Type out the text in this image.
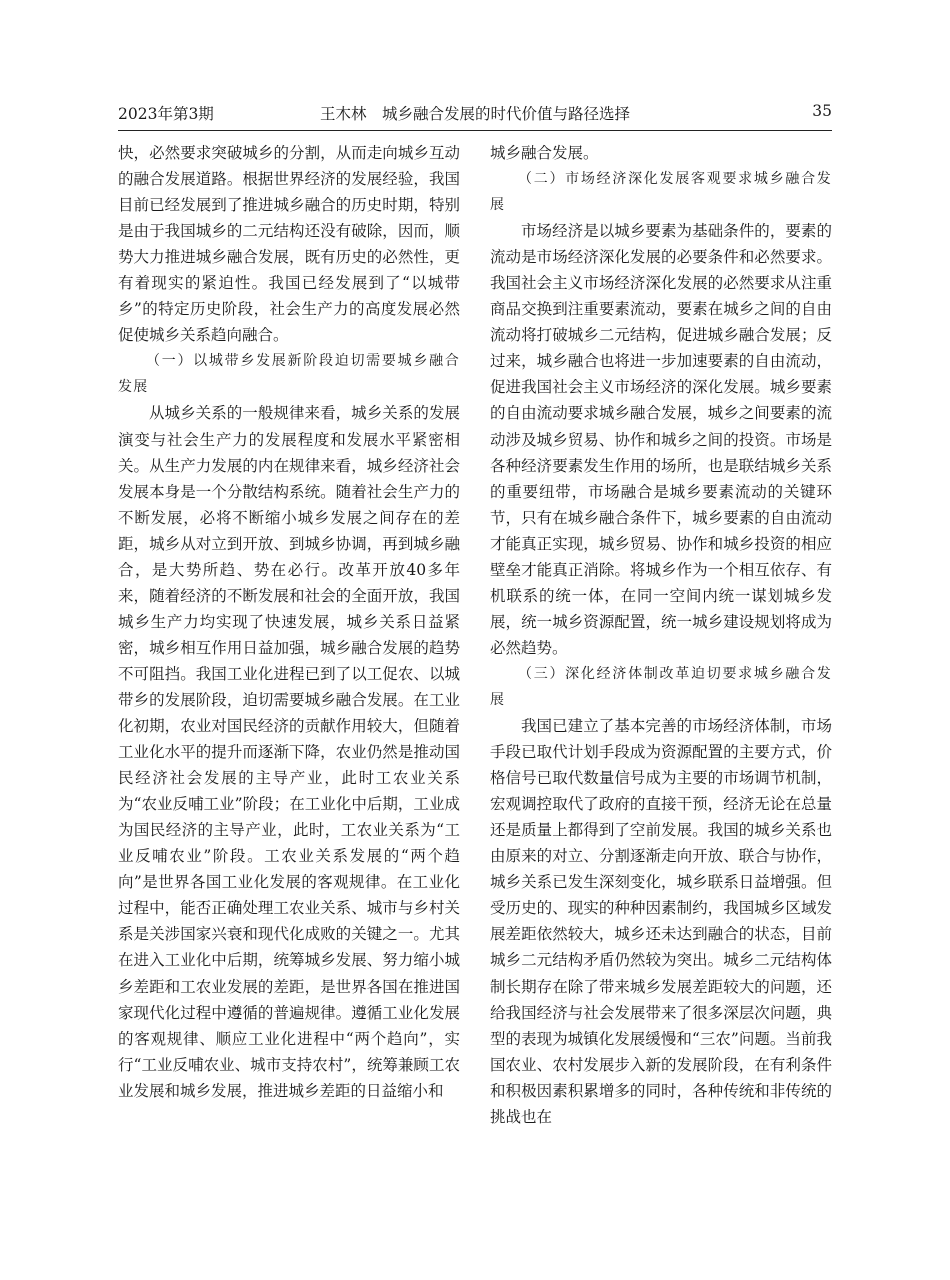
2023年第3期	王木林　城乡融合发展的时代价值与路径选择	35

快，必然要求突破城乡的分割，从而走向城乡互动的融合发展道路。根据世界经济的发展经验，我国目前已经发展到了推进城乡融合的历史时期，特别是由于我国城乡的二元结构还没有破除，因而，顺势大力推进城乡融合发展，既有历史的必然性，更有着现实的紧迫性。我国已经发展到了“以城带乡”的特定历史阶段，社会生产力的高度发展必然促使城乡关系趋向融合。

（一）以城带乡发展新阶段迫切需要城乡融合发展

从城乡关系的一般规律来看，城乡关系的发展演变与社会生产力的发展程度和发展水平紧密相关。从生产力发展的内在规律来看，城乡经济社会发展本身是一个分散结构系统。随着社会生产力的不断发展，必将不断缩小城乡发展之间存在的差距，城乡从对立到开放、到城乡协调，再到城乡融合，是大势所趋、势在必行。改革开放40多年来，随着经济的不断发展和社会的全面开放，我国城乡生产力均实现了快速发展，城乡关系日益紧密，城乡相互作用日益加强，城乡融合发展的趋势不可阻挡。我国工业化进程已到了以工促农、以城带乡的发展阶段，迫切需要城乡融合发展。在工业化初期，农业对国民经济的贡献作用较大，但随着工业化水平的提升而逐渐下降，农业仍然是推动国民经济社会发展的主导产业，此时工农业关系为“农业反哺工业”阶段；在工业化中后期，工业成为国民经济的主导产业，此时，工农业关系为“工业反哺农业”阶段。工农业关系发展的“两个趋向”是世界各国工业化发展的客观规律。在工业化过程中，能否正确处理工农业关系、城市与乡村关系是关涉国家兴衰和现代化成败的关键之一。尤其在进入工业化中后期，统筹城乡发展、努力缩小城乡差距和工农业发展的差距，是世界各国在推进国家现代化过程中遵循的普遍规律。遵循工业化发展的客观规律、顺应工业化进程中“两个趋向”，实行“工业反哺农业、城市支持农村”，统筹兼顾工农业发展和城乡发展，推进城乡差距的日益缩小和

城乡融合发展。

（二）市场经济深化发展客观要求城乡融合发展

市场经济是以城乡要素为基础条件的，要素的流动是市场经济深化发展的必要条件和必然要求。我国社会主义市场经济深化发展的必然要求从注重商品交换到注重要素流动，要素在城乡之间的自由流动将打破城乡二元结构，促进城乡融合发展；反过来，城乡融合也将进一步加速要素的自由流动，促进我国社会主义市场经济的深化发展。城乡要素的自由流动要求城乡融合发展，城乡之间要素的流动涉及城乡贸易、协作和城乡之间的投资。市场是各种经济要素发生作用的场所，也是联结城乡关系的重要纽带，市场融合是城乡要素流动的关键环节，只有在城乡融合条件下，城乡要素的自由流动才能真正实现，城乡贸易、协作和城乡投资的相应壁垒才能真正消除。将城乡作为一个相互依存、有机联系的统一体，在同一空间内统一谋划城乡发展，统一城乡资源配置，统一城乡建设规划将成为必然趋势。

（三）深化经济体制改革迫切要求城乡融合发展

我国已建立了基本完善的市场经济体制，市场手段已取代计划手段成为资源配置的主要方式，价格信号已取代数量信号成为主要的市场调节机制，宏观调控取代了政府的直接干预，经济无论在总量还是质量上都得到了空前发展。我国的城乡关系也由原来的对立、分割逐渐走向开放、联合与协作，城乡关系已发生深刻变化，城乡联系日益增强。但受历史的、现实的种种因素制约，我国城乡区域发展差距依然较大，城乡还未达到融合的状态，目前城乡二元结构矛盾仍然较为突出。城乡二元结构体制长期存在除了带来城乡发展差距较大的问题，还给我国经济与社会发展带来了很多深层次问题，典型的表现为城镇化发展缓慢和“三农”问题。当前我国农业、农村发展步入新的发展阶段，在有利条件和积极因素积累增多的同时，各种传统和非传统的挑战也在
